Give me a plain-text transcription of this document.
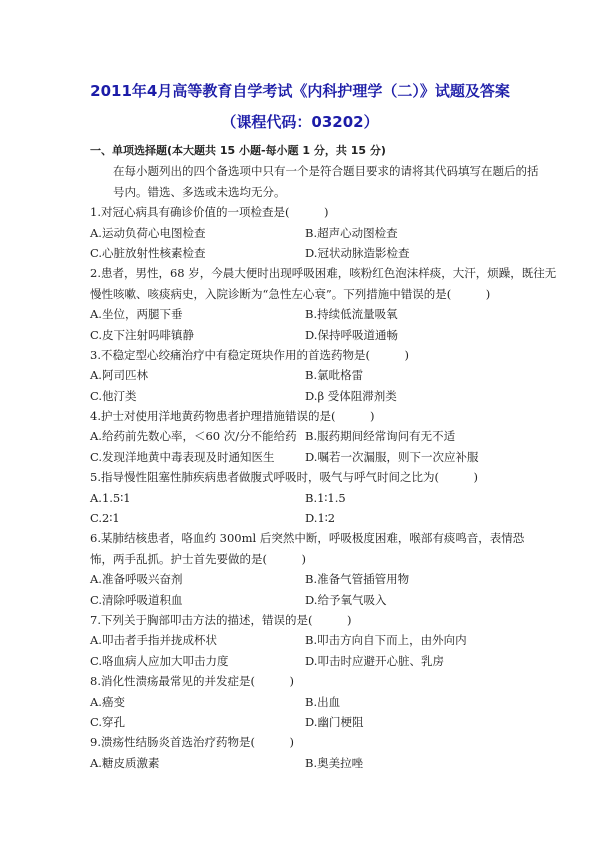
2011年4月高等教育自学考试《内科护理学（二）》试题及答案
（课程代码：03202）
一、单项选择题(本大题共 15 小题-每小题 1 分，共 15 分)
在每小题列出的四个备选项中只有一个是符合题目要求的请将其代码填写在题后的括
号内。错选、多选或未选均无分。
1.对冠心病具有确诊价值的一项检查是(　　　)
A.运动负荷心电图检查	B.超声心动图检查
C.心脏放射性核素检查	D.冠状动脉造影检查
2.患者，男性，68 岁，今晨大便时出现呼吸困难，咳粉红色泡沫样痰，大汗，烦躁，既往无
慢性咳嗽、咳痰病史，入院诊断为“急性左心衰”。下列措施中错误的是(　　　)
A.坐位，两腿下垂	B.持续低流量吸氧
C.皮下注射吗啡镇静	D.保持呼吸道通畅
3.不稳定型心绞痛治疗中有稳定斑块作用的首选药物是(　　　)
A.阿司匹林	B.氯吡格雷
C.他汀类	D.β 受体阻滞剂类
4.护士对使用洋地黄药物患者护理措施错误的是(　　　)
A.给药前先数心率，＜60 次/分不能给药 B.服药期间经常询问有无不适
C.发现洋地黄中毒表现及时通知医生	D.嘱若一次漏服，则下一次应补服
5.指导慢性阻塞性肺疾病患者做腹式呼吸时，吸气与呼气时间之比为(　　　)
A.1.5∶1	B.1∶1.5
C.2∶1	D.1∶2
6.某肺结核患者，咯血约 300ml 后突然中断，呼吸极度困难，喉部有痰鸣音，表情恐
怖，两手乱抓。护士首先要做的是(　　　)
A.准备呼吸兴奋剂	B.准备气管插管用物
C.清除呼吸道积血	D.给予氧气吸入
7.下列关于胸部叩击方法的描述，错误的是(　　　)
A.叩击者手指并拢成杯状	B.叩击方向自下而上，由外向内
C.咯血病人应加大叩击力度	D.叩击时应避开心脏、乳房
8.消化性溃疡最常见的并发症是(　　　)
A.癌变	B.出血
C.穿孔	D.幽门梗阻
9.溃疡性结肠炎首选治疗药物是(　　　)
A.糖皮质激素	B.奥美拉唑
